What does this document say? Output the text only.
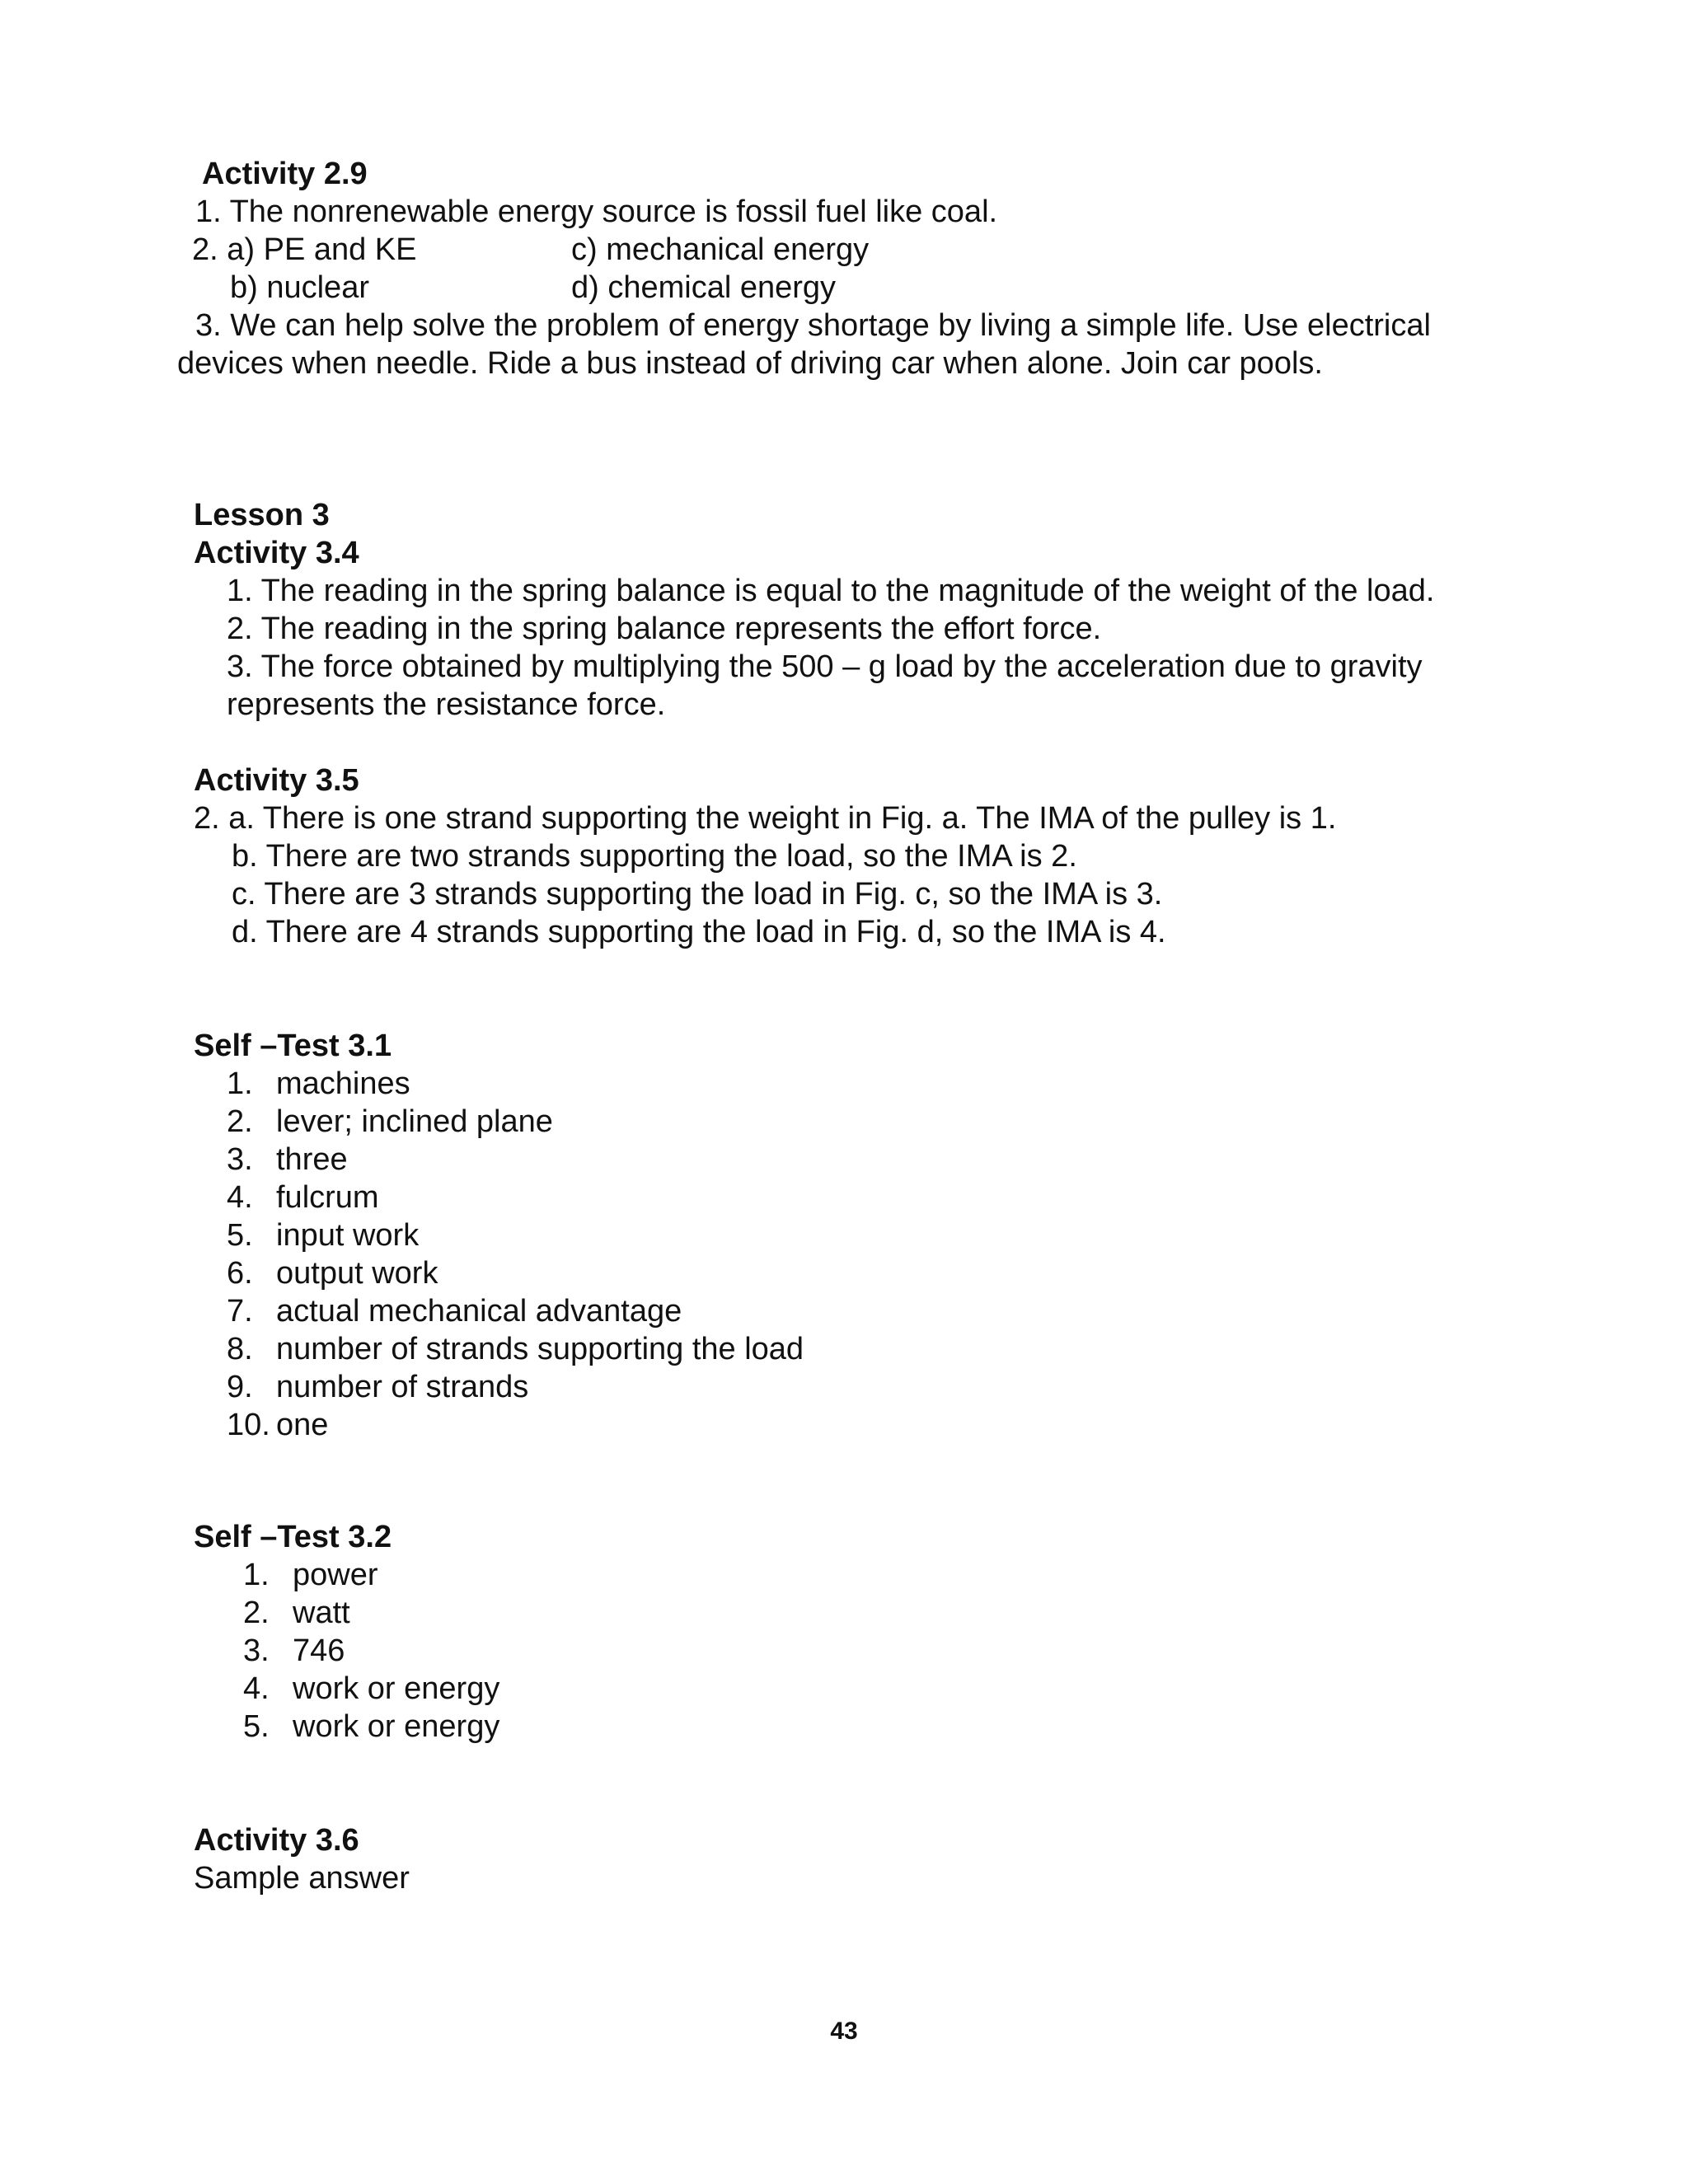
Activity 2.9
1. The nonrenewable energy source is fossil fuel like coal.
2. a) PE and KE	c) mechanical energy
b) nuclear	d) chemical energy
3. We can help solve the problem of energy shortage by living a simple life. Use electrical
devices when needle. Ride a bus instead of driving car when alone. Join car pools.
Lesson 3
Activity 3.4
1. The reading in the spring balance is equal to the magnitude of the weight of the load.
2. The reading in the spring balance represents the effort force.
3. The force obtained by multiplying the 500 – g load by the acceleration due to gravity
represents the resistance force.
Activity 3.5
2. a. There is one strand supporting the weight in Fig. a. The IMA of the pulley is 1.
b. There are two strands supporting the load, so the IMA is 2.
c. There are 3 strands supporting the load in Fig. c, so the IMA is 3.
d. There are 4 strands supporting the load in Fig. d, so the IMA is 4.
Self –Test 3.1
1. machines
2. lever; inclined plane
3. three
4. fulcrum
5. input work
6. output work
7. actual mechanical advantage
8. number of strands supporting the load
9. number of strands
10. one
Self –Test 3.2
1. power
2. watt
3. 746
4. work or energy
5. work or energy
Activity 3.6
Sample answer
43
